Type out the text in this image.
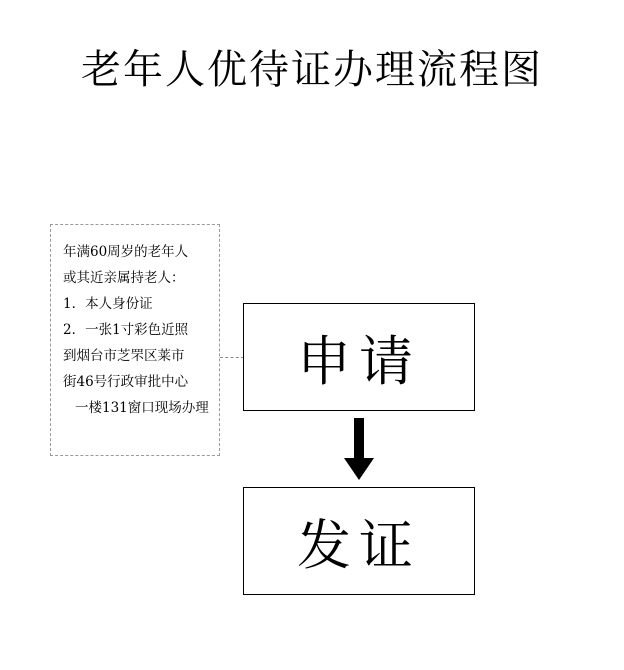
老年人优待证办理流程图
年满60周岁的老年人
或其近亲属持老人：
1．本人身份证
2．一张1寸彩色近照
到烟台市芝罘区莱市
街46号行政审批中心
一楼131窗口现场办理
申请
发证
